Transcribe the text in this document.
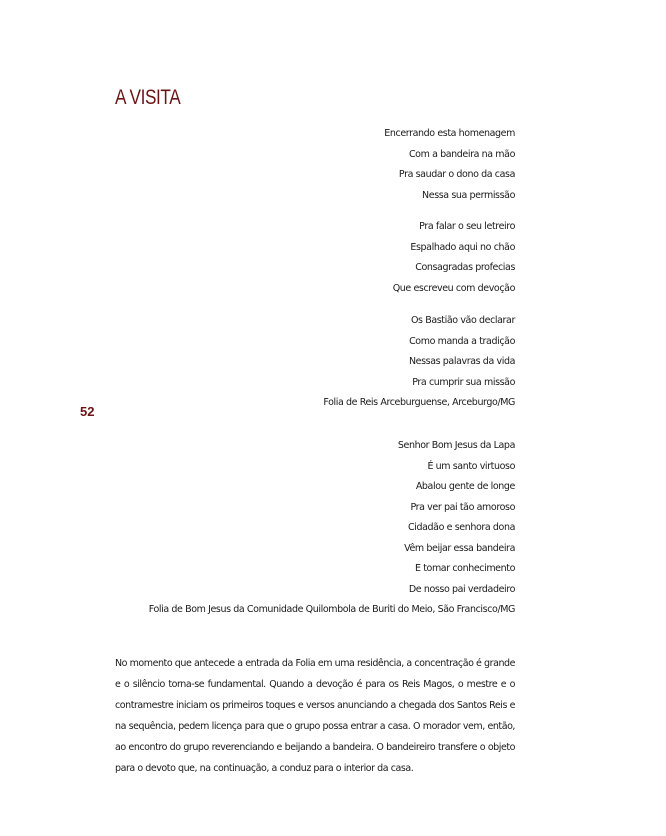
A VISITA
52
Encerrando esta homenagem
Com a bandeira na mão
Pra saudar o dono da casa
Nessa sua permissão
Pra falar o seu letreiro
Espalhado aqui no chão
Consagradas profecias
Que escreveu com devoção
Os Bastião vão declarar
Como manda a tradição
Nessas palavras da vida
Pra cumprir sua missão
Folia de Reis Arceburguense, Arceburgo/MG
Senhor Bom Jesus da Lapa
É um santo virtuoso
Abalou gente de longe
Pra ver pai tão amoroso
Cidadão e senhora dona
Vêm beijar essa bandeira
E tomar conhecimento
De nosso pai verdadeiro
Folia de Bom Jesus da Comunidade Quilombola de Buriti do Meio, São Francisco/MG

No momento que antecede a entrada da Folia em uma residência, a concentração é grande e o silêncio torna-se fundamental. Quando a devoção é para os Reis Magos, o mestre e o contramestre iniciam os primeiros toques e versos anunciando a chegada dos Santos Reis e na sequência, pedem licença para que o grupo possa entrar a casa. O morador vem, então, ao encontro do grupo reverenciando e beijando a bandeira. O bandeireiro transfere o objeto para o devoto que, na continuação, a conduz para o interior da casa.
